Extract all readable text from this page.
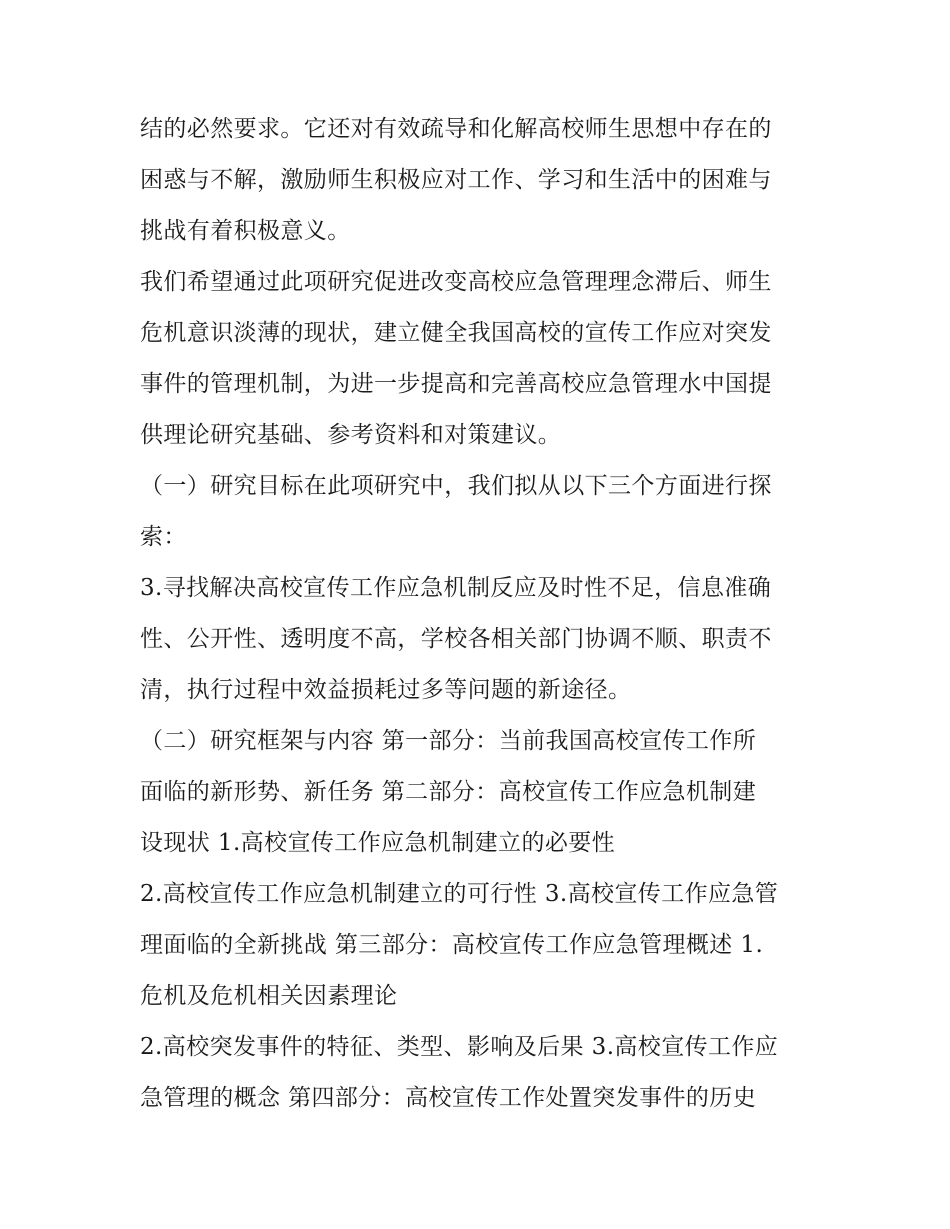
结的必然要求。它还对有效疏导和化解高校师生思想中存在的
困惑与不解，激励师生积极应对工作、学习和生活中的困难与
挑战有着积极意义。
我们希望通过此项研究促进改变高校应急管理理念滞后、师生
危机意识淡薄的现状，建立健全我国高校的宣传工作应对突发
事件的管理机制，为进一步提高和完善高校应急管理水中国提
供理论研究基础、参考资料和对策建议。
（一）研究目标在此项研究中，我们拟从以下三个方面进行探
索：
3.寻找解决高校宣传工作应急机制反应及时性不足，信息准确
性、公开性、透明度不高，学校各相关部门协调不顺、职责不
清，执行过程中效益损耗过多等问题的新途径。
（二）研究框架与内容 第一部分：当前我国高校宣传工作所
面临的新形势、新任务 第二部分：高校宣传工作应急机制建
设现状 1.高校宣传工作应急机制建立的必要性
2.高校宣传工作应急机制建立的可行性 3.高校宣传工作应急管
理面临的全新挑战 第三部分：高校宣传工作应急管理概述 1.
危机及危机相关因素理论
2.高校突发事件的特征、类型、影响及后果 3.高校宣传工作应
急管理的概念 第四部分：高校宣传工作处置突发事件的历史
